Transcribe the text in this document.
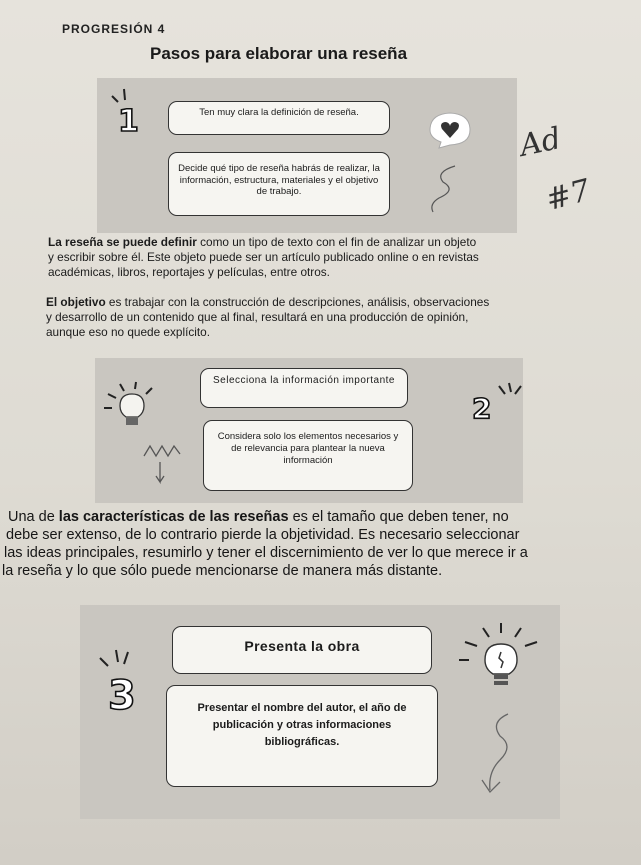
PROGRESIÓN 4
Pasos para elaborar una reseña
1	Ten muy clara la definición de reseña.
Decide qué tipo de reseña habrás de realizar, la información, estructura, materiales y el objetivo de trabajo.
Ad
#7
La reseña se puede definir como un tipo de texto con el fin de analizar un objeto
y escribir sobre él. Este objeto puede ser un artículo publicado online o en revistas
académicas, libros, reportajes y películas, entre otros.
El objetivo es trabajar con la construcción de descripciones, análisis, observaciones
y desarrollo de un contenido que al final, resultará en una producción de opinión,
aunque eso no quede explícito.
Selecciona la información importante
2
Considera solo los elementos necesarios y de relevancia para plantear la nueva información
Una de las características de las reseñas es el tamaño que deben tener, no
debe ser extenso, de lo contrario pierde la objetividad. Es necesario seleccionar
las ideas principales, resumirlo y tener el discernimiento de ver lo que merece ir a
la reseña y lo que sólo puede mencionarse de manera más distante.
Presenta la obra
3	Presentar el nombre del autor, el año de publicación y otras informaciones bibliográficas.
